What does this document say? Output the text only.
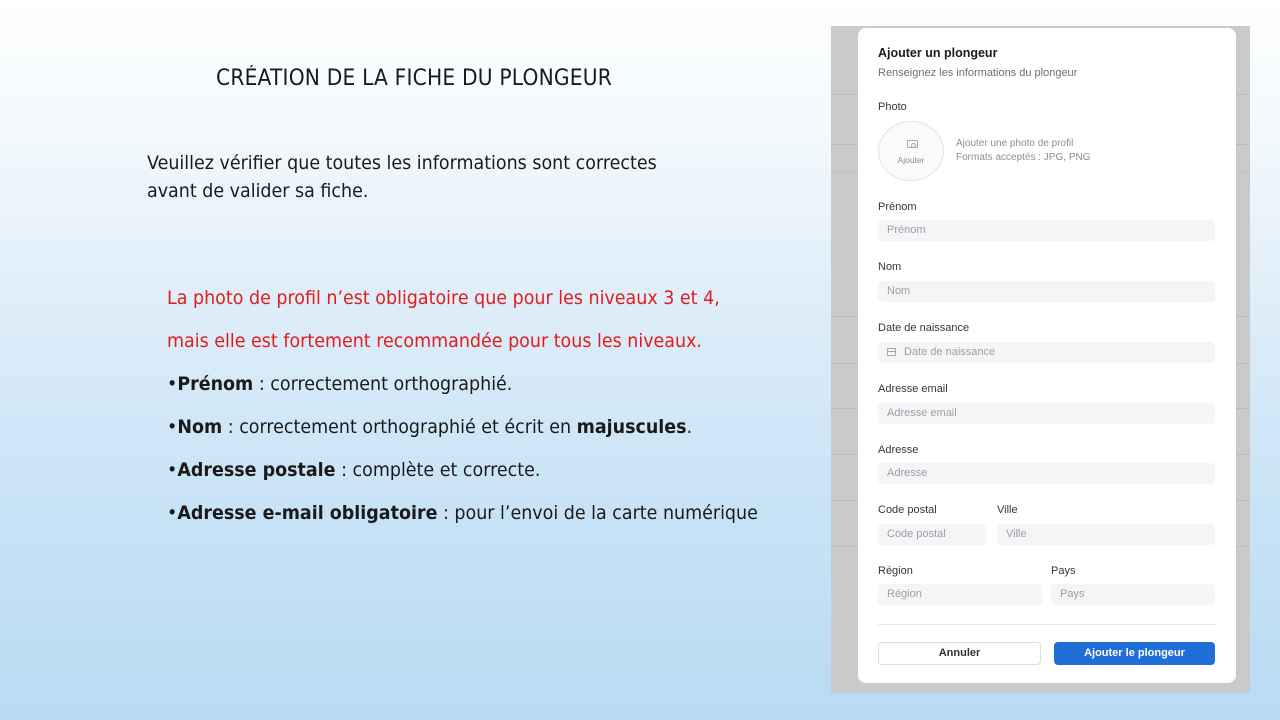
CRÉATION DE LA FICHE DU PLONGEUR
Veuillez vérifier que toutes les informations sont correctes
avant de valider sa fiche.
La photo de profil n’est obligatoire que pour les niveaux 3 et 4,
mais elle est fortement recommandée pour tous les niveaux.
•Prénom : correctement orthographié.
•Nom : correctement orthographié et écrit en majuscules.
•Adresse postale : complète et correcte.
•Adresse e-mail obligatoire : pour l’envoi de la carte numérique
Ajouter un plongeur
Renseignez les informations du plongeur
Photo
Ajouter
Ajouter une photo de profil
Formats acceptés : JPG, PNG
Prénom
Prénom
Nom
Nom
Date de naissance
Date de naissance
Adresse email
Adresse email
Adresse
Adresse
Code postal
Code postal
Ville
Ville
Région
Région
Pays
Pays
Annuler	Ajouter le plongeur
